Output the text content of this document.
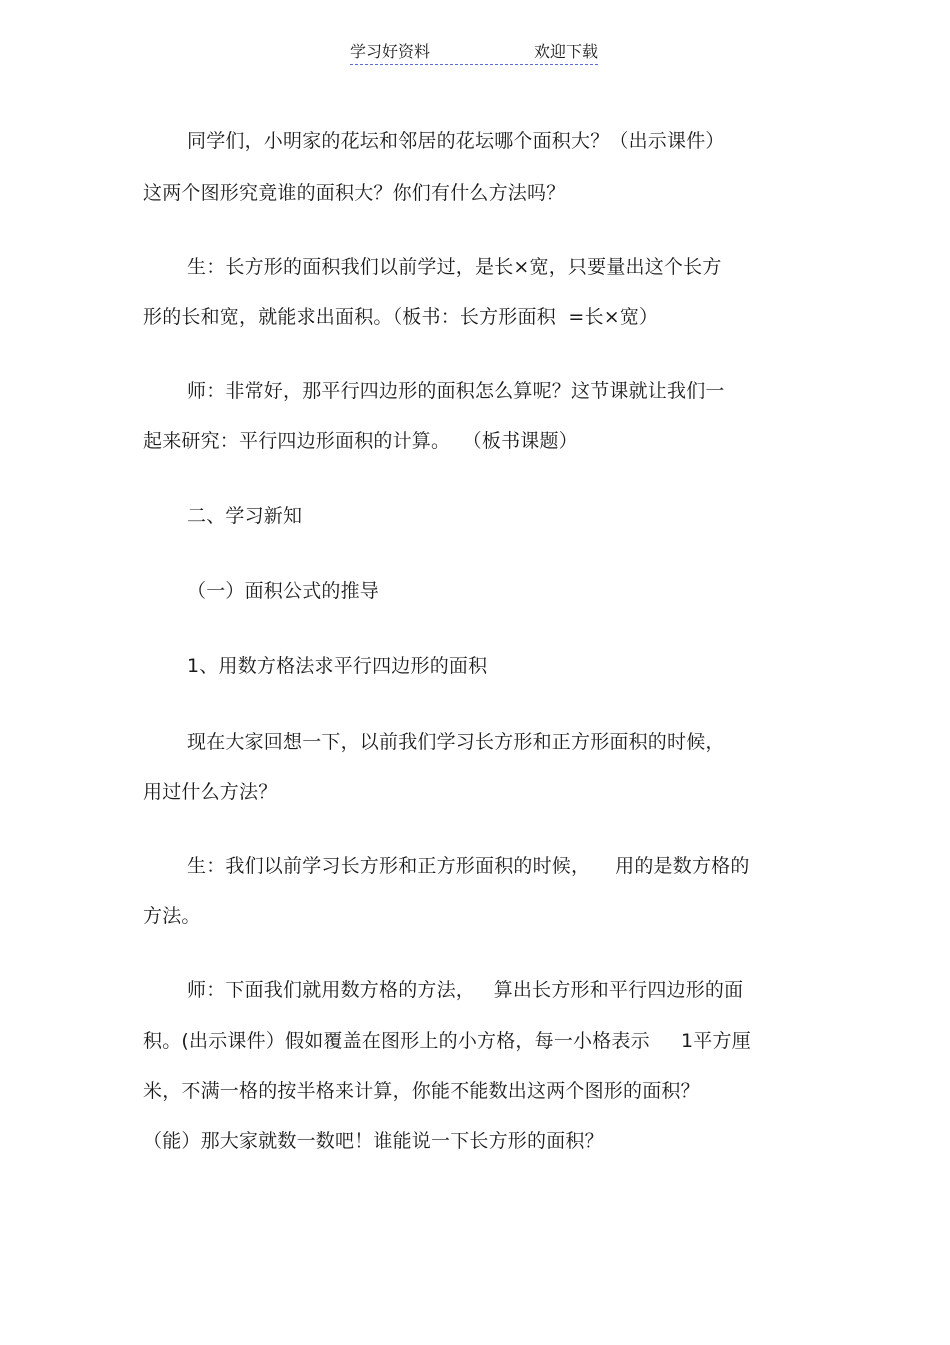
学习好资料	欢迎下载
同学们，小明家的花坛和邻居的花坛哪个面积大？（出示课件）
这两个图形究竟谁的面积大？你们有什么方法吗？
生：长方形的面积我们以前学过，是长×宽，只要量出这个长方
形的长和宽，就能求出面积。（板书：长方形面积  =长×宽）
师：非常好，那平行四边形的面积怎么算呢？这节课就让我们一
起来研究：平行四边形面积的计算。  （板书课题）
二、学习新知
（一）面积公式的推导
1、用数方格法求平行四边形的面积
现在大家回想一下，以前我们学习长方形和正方形面积的时候，
用过什么方法？
生：我们以前学习长方形和正方形面积的时候，    用的是数方格的
方法。
师：下面我们就用数方格的方法，   算出长方形和平行四边形的面
积。(出示课件）假如覆盖在图形上的小方格，每一小格表示     1平方厘
米，不满一格的按半格来计算，你能不能数出这两个图形的面积？
（能）那大家就数一数吧！谁能说一下长方形的面积？
